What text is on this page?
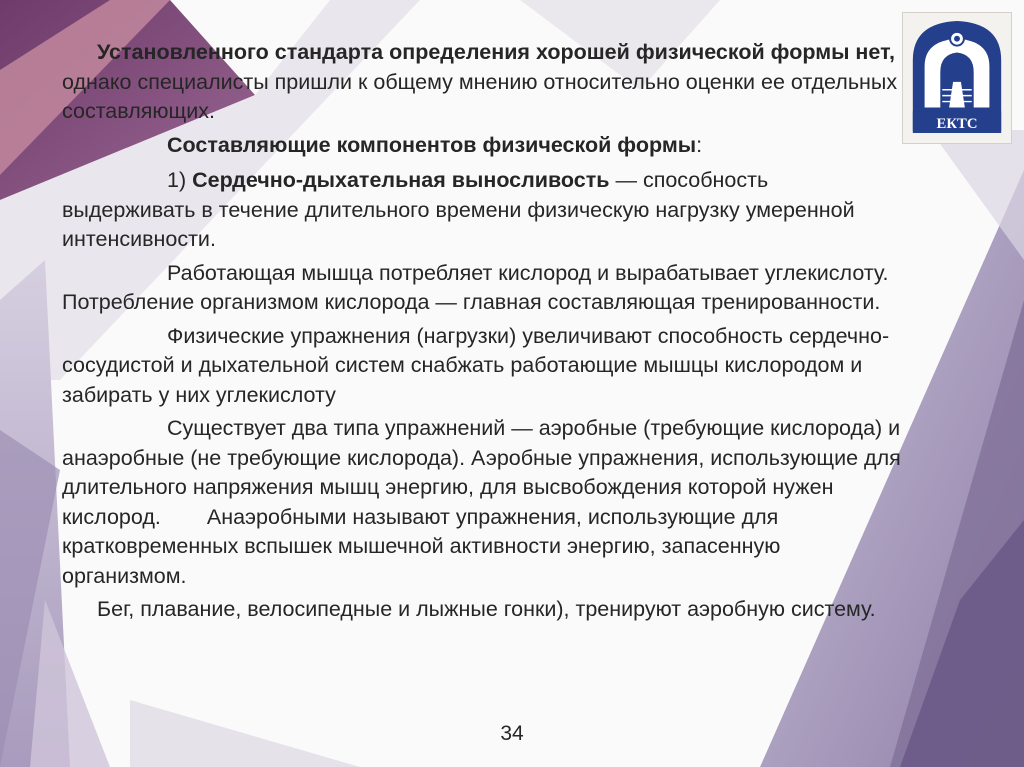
ЕКТС

Установленного стандарта определения хорошей физической формы нет, однако специалисты пришли к общему мнению относительно оценки ее отдельных составляющих.

Составляющие компонентов физической формы:

1) Сердечно-дыхательная выносливость — способность выдерживать в течение длительного времени физическую нагрузку умеренной интенсивности.

Работающая мышца потребляет кислород и вырабатывает углекислоту. Потребление организмом кислорода — главная составляющая тренированности.

Физические упражнения (нагрузки) увеличивают способность сердечно-сосудистой и дыхательной систем снабжать работающие мышцы кислородом и забирать у них углекислоту

Существует два типа упражнений — аэробные (требующие кислорода) и анаэробные (не требующие кислорода). Аэробные упражнения, использующие для длительного напряжения мышц энергию, для высвобождения которой нужен кислород. Анаэробными называют упражнения, использующие для кратковременных вспышек мышечной активности энергию, запасенную организмом.

Бег, плавание, велосипедные и лыжные гонки), тренируют аэробную систему.

34
